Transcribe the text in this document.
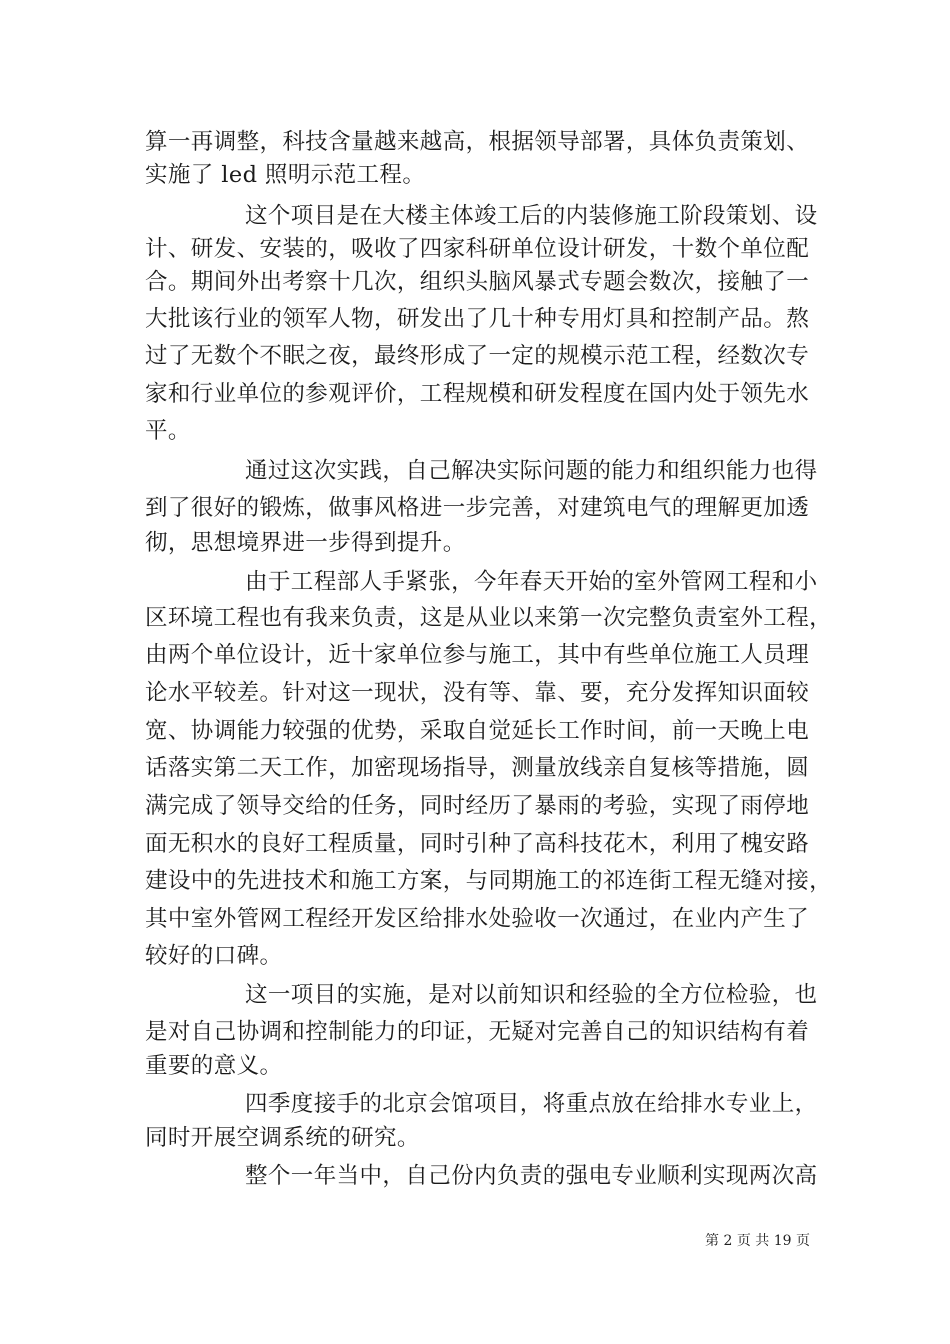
算一再调整，科技含量越来越高，根据领导部署，具体负责策划、
实施了 led 照明示范工程。
这个项目是在大楼主体竣工后的内装修施工阶段策划、设
计、研发、安装的，吸收了四家科研单位设计研发，十数个单位配
合。期间外出考察十几次，组织头脑风暴式专题会数次，接触了一
大批该行业的领军人物，研发出了几十种专用灯具和控制产品。熬
过了无数个不眠之夜，最终形成了一定的规模示范工程，经数次专
家和行业单位的参观评价，工程规模和研发程度在国内处于领先水
平。
通过这次实践，自己解决实际问题的能力和组织能力也得
到了很好的锻炼，做事风格进一步完善，对建筑电气的理解更加透
彻，思想境界进一步得到提升。
由于工程部人手紧张，今年春天开始的室外管网工程和小
区环境工程也有我来负责，这是从业以来第一次完整负责室外工程，
由两个单位设计，近十家单位参与施工，其中有些单位施工人员理
论水平较差。针对这一现状，没有等、靠、要，充分发挥知识面较
宽、协调能力较强的优势，采取自觉延长工作时间，前一天晚上电
话落实第二天工作，加密现场指导，测量放线亲自复核等措施，圆
满完成了领导交给的任务，同时经历了暴雨的考验，实现了雨停地
面无积水的良好工程质量，同时引种了高科技花木，利用了槐安路
建设中的先进技术和施工方案，与同期施工的祁连街工程无缝对接，
其中室外管网工程经开发区给排水处验收一次通过，在业内产生了
较好的口碑。
这一项目的实施，是对以前知识和经验的全方位检验，也
是对自己协调和控制能力的印证，无疑对完善自己的知识结构有着
重要的意义。
四季度接手的北京会馆项目，将重点放在给排水专业上，
同时开展空调系统的研究。
整个一年当中，自己份内负责的强电专业顺利实现两次高
第 2 页 共 19 页
